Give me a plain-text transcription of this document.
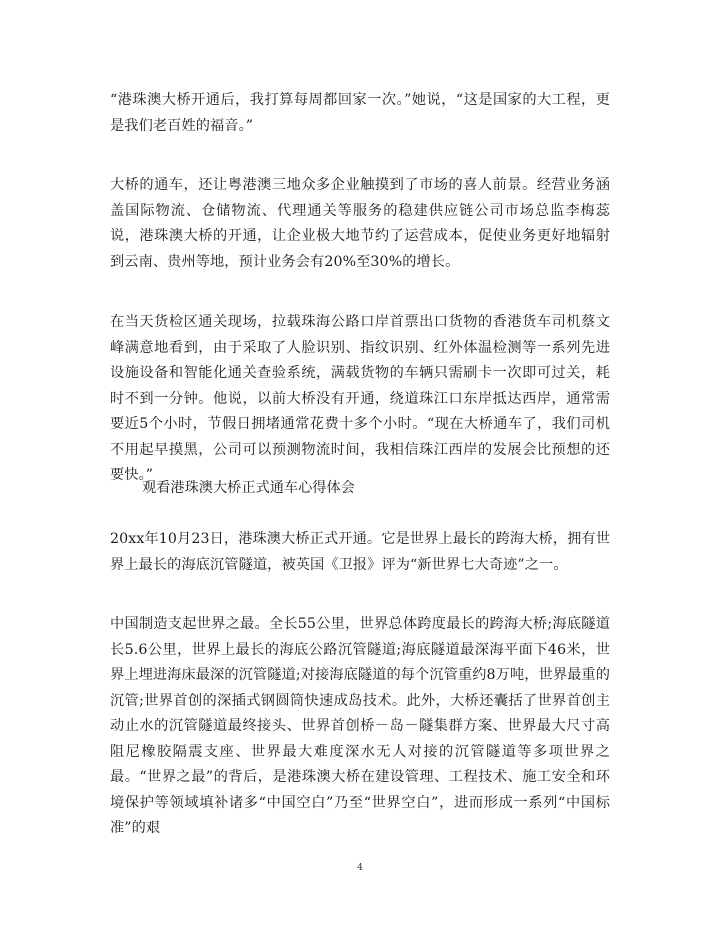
“港珠澳大桥开通后，我打算每周都回家一次。”她说，“这是国家的大工程，更是我们老百姓的福音。”

大桥的通车，还让粤港澳三地众多企业触摸到了市场的喜人前景。经营业务涵盖国际物流、仓储物流、代理通关等服务的稳建供应链公司市场总监李梅蕊说，港珠澳大桥的开通，让企业极大地节约了运营成本，促使业务更好地辐射到云南、贵州等地，预计业务会有20%至30%的增长。

在当天货检区通关现场，拉载珠海公路口岸首票出口货物的香港货车司机蔡文峰满意地看到，由于采取了人脸识别、指纹识别、红外体温检测等一系列先进设施设备和智能化通关查验系统，满载货物的车辆只需刷卡一次即可过关，耗时不到一分钟。他说，以前大桥没有开通，绕道珠江口东岸抵达西岸，通常需要近5个小时，节假日拥堵通常花费十多个小时。“现在大桥通车了，我们司机不用起早摸黑，公司可以预测物流时间，我相信珠江西岸的发展会比预想的还要快。”

观看港珠澳大桥正式通车心得体会

20xx年10月23日，港珠澳大桥正式开通。它是世界上最长的跨海大桥，拥有世界上最长的海底沉管隧道，被英国《卫报》评为“新世界七大奇迹”之一。

中国制造支起世界之最。全长55公里，世界总体跨度最长的跨海大桥;海底隧道长5.6公里，世界上最长的海底公路沉管隧道;海底隧道最深海平面下46米，世界上埋进海床最深的沉管隧道;对接海底隧道的每个沉管重约8万吨，世界最重的沉管;世界首创的深插式钢圆筒快速成岛技术。此外，大桥还囊括了世界首创主动止水的沉管隧道最终接头、世界首创桥－岛－隧集群方案、世界最大尺寸高阻尼橡胶隔震支座、世界最大难度深水无人对接的沉管隧道等多项世界之最。“世界之最”的背后，是港珠澳大桥在建设管理、工程技术、施工安全和环境保护等领域填补诸多“中国空白”乃至“世界空白”，进而形成一系列“中国标准”的艰

4
